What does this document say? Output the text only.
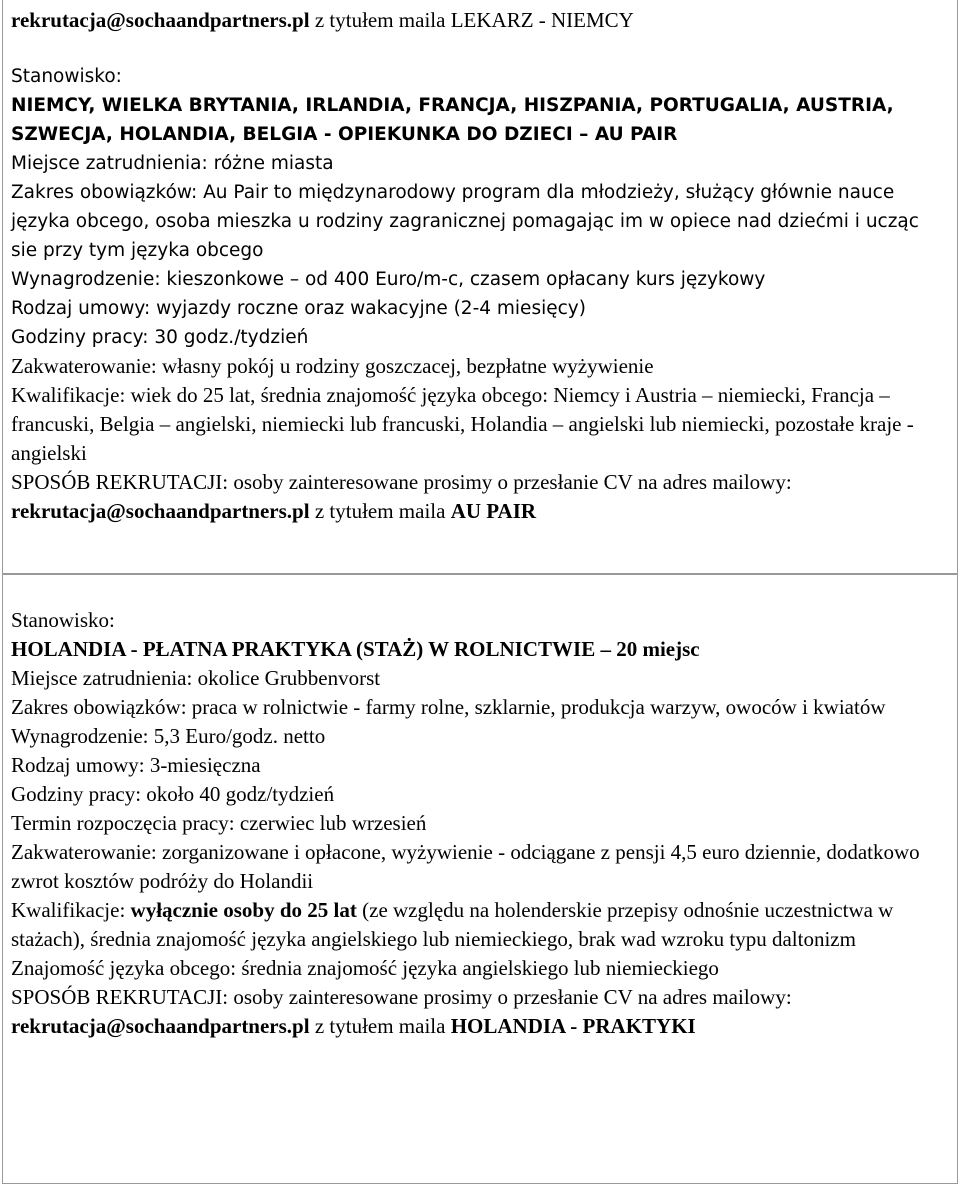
rekrutacja@sochaandpartners.pl z tytułem maila LEKARZ - NIEMCY

Stanowisko:

NIEMCY, WIELKA BRYTANIA, IRLANDIA, FRANCJA, HISZPANIA, PORTUGALIA, AUSTRIA, SZWECJA, HOLANDIA, BELGIA - OPIEKUNKA DO DZIECI – AU PAIR

Miejsce zatrudnienia: różne miasta

Zakres obowiązków: Au Pair to międzynarodowy program dla młodzieży, służący głównie nauce języka obcego, osoba mieszka u rodziny zagranicznej pomagając im w opiece nad dziećmi i ucząc sie przy tym języka obcego

Wynagrodzenie: kieszonkowe – od 400 Euro/m-c, czasem opłacany kurs językowy

Rodzaj umowy: wyjazdy roczne oraz wakacyjne (2-4 miesięcy)

Godziny pracy: 30 godz./tydzień

Zakwaterowanie: własny pokój u rodziny goszczacej, bezpłatne wyżywienie

Kwalifikacje: wiek do 25 lat, średnia znajomość języka obcego: Niemcy i Austria – niemiecki, Francja – francuski, Belgia – angielski, niemiecki lub francuski, Holandia – angielski lub niemiecki, pozostałe kraje - angielski

SPOSÓB REKRUTACJI: osoby zainteresowane prosimy o przesłanie CV na adres mailowy:

rekrutacja@sochaandpartners.pl z tytułem maila AU PAIR

Stanowisko:

HOLANDIA - PŁATNA PRAKTYKA (STAŻ) W ROLNICTWIE – 20 miejsc

Miejsce zatrudnienia: okolice Grubbenvorst

Zakres obowiązków: praca w rolnictwie - farmy rolne, szklarnie, produkcja warzyw, owoców i kwiatów

Wynagrodzenie: 5,3 Euro/godz. netto

Rodzaj umowy: 3-miesięczna

Godziny pracy: około 40 godz/tydzień

Termin rozpoczęcia pracy: czerwiec lub wrzesień

Zakwaterowanie: zorganizowane i opłacone, wyżywienie - odciągane z pensji 4,5 euro dziennie, dodatkowo zwrot kosztów podróży do Holandii

Kwalifikacje: wyłącznie osoby do 25 lat (ze względu na holenderskie przepisy odnośnie uczestnictwa w stażach), średnia znajomość języka angielskiego lub niemieckiego, brak wad wzroku typu daltonizm

Znajomość języka obcego: średnia znajomość języka angielskiego lub niemieckiego

SPOSÓB REKRUTACJI: osoby zainteresowane prosimy o przesłanie CV na adres mailowy:

rekrutacja@sochaandpartners.pl z tytułem maila HOLANDIA - PRAKTYKI
